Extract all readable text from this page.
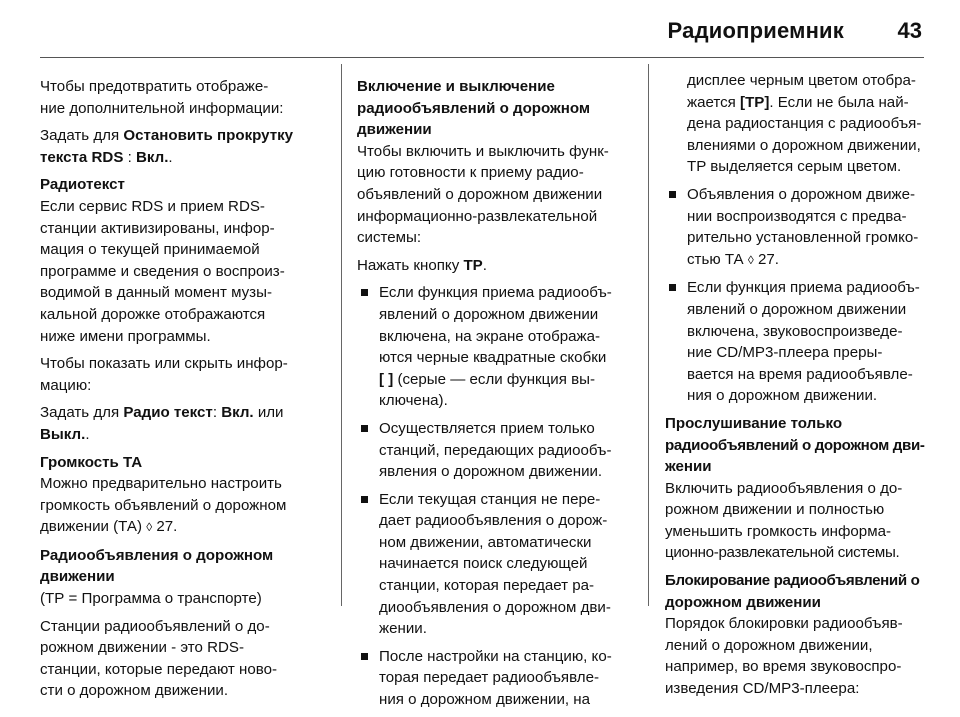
Радиоприемник 43
Чтобы предотвратить отображе-
ние дополнительной информации:
Задать для Остановить прокрутку
текста RDS : Вкл..
Радиотекст
Если сервис RDS и прием RDS-
станции активизированы, инфор-
мация о текущей принимаемой
программе и сведения о воспроиз-
водимой в данный момент музы-
кальной дорожке отображаются
ниже имени программы.
Чтобы показать или скрыть инфор-
мацию:
Задать для Радио текст: Вкл. или
Выкл..
Громкость ТА
Можно предварительно настроить
громкость объявлений о дорожном
движении (ТА) ◊ 27.
Радиообъявления о дорожном
движении
(ТР = Программа о транспорте)
Станции радиообъявлений о до-
рожном движении - это RDS-
станции, которые передают ново-
сти о дорожном движении.
Включение и выключение
радиообъявлений о дорожном
движении
Чтобы включить и выключить функ-
цию готовности к приему радио-
объявлений о дорожном движении
информационно-развлекательной
системы:
Нажать кнопку TP.
Если функция приема радиообъ-
явлений о дорожном движении
включена, на экране отобража-
ются черные квадратные скобки
[ ] (серые — если функция вы-
ключена).
Осуществляется прием только
станций, передающих радиообъ-
явления о дорожном движении.
Если текущая станция не пере-
дает радиообъявления о дорож-
ном движении, автоматически
начинается поиск следующей
станции, которая передает ра-
диообъявления о дорожном дви-
жении.
После настройки на станцию, ко-
торая передает радиообъявле-
ния о дорожном движении, на
дисплее черным цветом отобра-
жается [TP]. Если не была най-
дена радиостанция с радиообъя-
влениями о дорожном движении,
TP выделяется серым цветом.
Объявления о дорожном движе-
нии воспроизводятся с предва-
рительно установленной громко-
стью ТА ◊ 27.
Если функция приема радиообъ-
явлений о дорожном движении
включена, звуковоспроизведе-
ние CD/MP3-плеера преры-
вается на время радиообъявле-
ния о дорожном движении.
Прослушивание только
радиообъявлений о дорожном дви-
жении
Включить радиообъявления о до-
рожном движении и полностью
уменьшить громкость информа-
ционно-развлекательной системы.
Блокирование радиообъявлений о
дорожном движении
Порядок блокировки радиообъяв-
лений о дорожном движении,
например, во время звуковоспро-
изведения CD/MP3-плеера:
